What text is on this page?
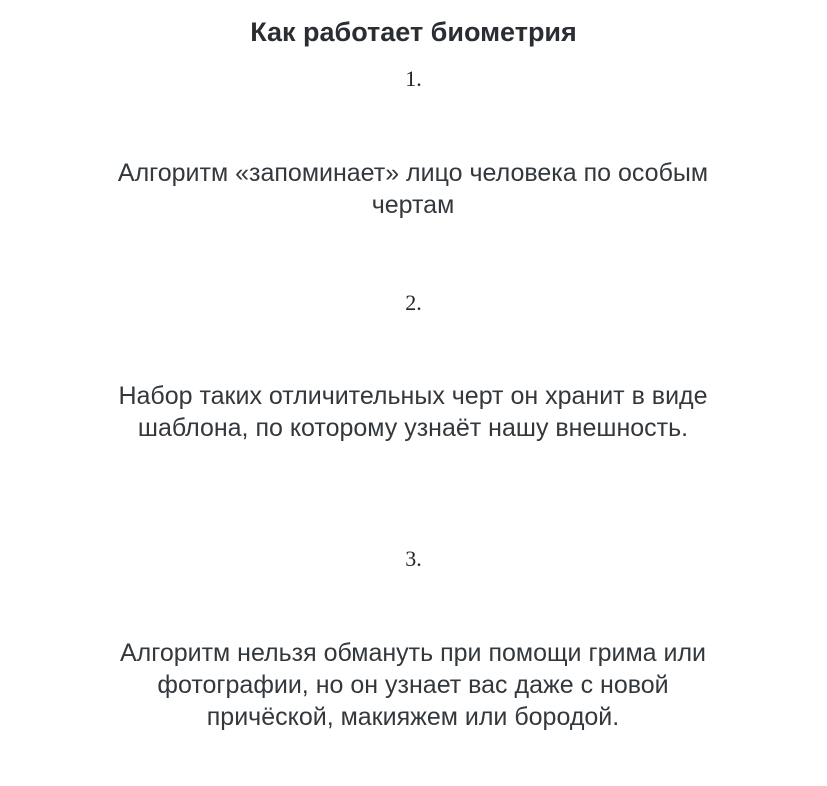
Как работает биометрия
1.
Алгоритм «запоминает» лицо человека по особым чертам
2.
Набор таких отличительных черт он хранит в виде шаблона, по которому узнаёт нашу внешность.
3.
Алгоритм нельзя обмануть при помощи грима или фотографии, но он узнает вас даже с новой причёской, макияжем или бородой.
